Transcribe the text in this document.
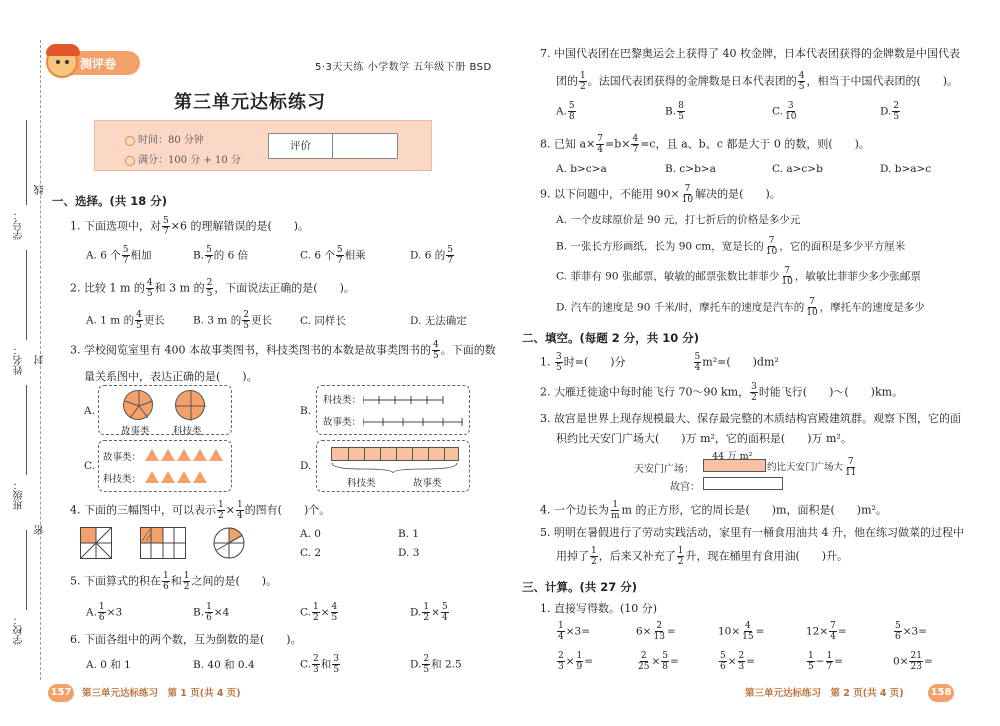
学号：
线
姓名： 封
班级：
密
学校：
测评卷	5·3天天练 小学数学 五年级下册 BSD
第三单元达标练习
时间：80 分钟
满分：100 分 + 10 分
评价
一、选择。(共 18 分)
1. 下面选项中，对 $\frac{5}{7} \times 6$ 的理解错误的是(　　)。
A. 6 个 $\frac{5}{7}$ 相加	B. $\frac{5}{7}$ 的 6 倍	C. 6 个 $\frac{5}{7}$ 相乘	D. 6 的 $\frac{5}{7}$
2. 比较 1 m 的 $\frac{4}{5}$ 和 3 m 的 $\frac{2}{5}$ ，下面说法正确的是(　　)。
A. 1 m 的 $\frac{4}{5}$ 更长	B. 3 m 的 $\frac{2}{5}$ 更长	C. 同样长	D. 无法确定
3. 学校阅览室里有 400 本故事类图书，科技类图书的本数是故事类图书的 $\frac{4}{5}$ 。下面的数
量关系图中，表达正确的是(　　)。
A.
故事类 科技类
B.
科技类：
故事类：
C.
故事类：
科技类：
D.
科技类	故事类
4. 下面的三幅图中，可以表示 $\frac{1}{2} \times \frac{1}{4}$ 的图有(　　)个。
A. 0	B. 1
C. 2	D. 3
5. 下面算式的积在 $\frac{1}{6}$ 和 $\frac{1}{2}$ 之间的是(　　)。
A. $\frac{1}{6} \times 3$	B. $\frac{1}{6} \times 4$	C. $\frac{1}{2} \times \frac{4}{5}$	D. $\frac{1}{2} \times \frac{5}{4}$
6. 下面各组中的两个数，互为倒数的是(　　)。
A. 0 和 1	B. 40 和 0.4	C. $\frac{2}{3}$ 和 $\frac{3}{5}$	D. $\frac{2}{5}$ 和 2.5
157 第三单元达标练习　第 1 页(共 4 页)
7. 中国代表团在巴黎奥运会上获得了 40 枚金牌，日本代表团获得的金牌数是中国代表
团的 $\frac{1}{2}$ 。法国代表团获得的金牌数是日本代表团的 $\frac{4}{5}$ ，相当于中国代表团的(　　)。
A. $\frac{5}{8}$	B. $\frac{8}{5}$	C. $\frac{3}{10}$	D. $\frac{2}{5}$
8. 已知 $a\times \frac{7}{4} =b\times \frac{4}{7} =c$，且 a、b、c 都是大于 0 的数，则(　　)。
A. b>c>a	B. c>b>a	C. a>c>b	D. b>a>c
9. 以下问题中，不能用 $90\times \frac{7}{10}$ 解决的是(　　)。
A. 一个皮球原价是 90 元，打七折后的价格是多少元
B. 一张长方形画纸，长为 90 cm，宽是长的 $\frac{7}{10}$ ，它的面积是多少平方厘米
C. 菲菲有 90 张邮票，敏敏的邮票张数比菲菲少 $\frac{7}{10}$ ，敏敏比菲菲少多少张邮票
D. 汽车的速度是 90 千米/时，摩托车的速度是汽车的 $\frac{7}{10}$ ，摩托车的速度是多少
二、填空。(每题 2 分，共 10 分)
1. $\frac{3}{5}$ 时=(　　)分	$\frac{5}{4} m^2=$(　　)dm²
2. 大雁迁徙途中每时能飞行 70～90 km， $\frac{3}{2}$ 时能飞行(　　)～(　　)km。
3. 故宫是世界上现存规模最大、保存最完整的木质结构宫殿建筑群。观察下图，它的面
积约比天安门广场大(　　)万 m²，它的面积是(　　)万 m²。
天安门广场：
44 万 m²
约比天安门广场大 $\frac{7}{11}$
故宫：
4. 一个边长为 $\frac{1}{m}$ m 的正方形，它的周长是(　　)m，面积是(　　)m²。
5. 明明在暑假进行了劳动实践活动，家里有一桶食用油共 4 升，他在练习做菜的过程中
用掉了 $\frac{1}{2}$ ，后来又补充了 $\frac{1}{2}$ 升，现在桶里有食用油(　　)升。
三、计算。(共 27 分)
1. 直接写得数。(10 分)
$\frac{1}{4} \times 3=$	$6\times \frac{2}{13}$ =	$10\times \frac{4}{15}$ =	$12\times \frac{7}{4}$ =	$\frac{5}{6} \times 3=$
$\frac{2}{3} \times \frac{1}{9}$ =	$\frac{2}{25} \times \frac{5}{8}$ =	$\frac{5}{6} \times \frac{2}{3}$ =	$\frac{1}{5} - \frac{1}{7}$ =	$0\times \frac{21}{23}$ =
第三单元达标练习　第 2 页(共 4 页)	158
